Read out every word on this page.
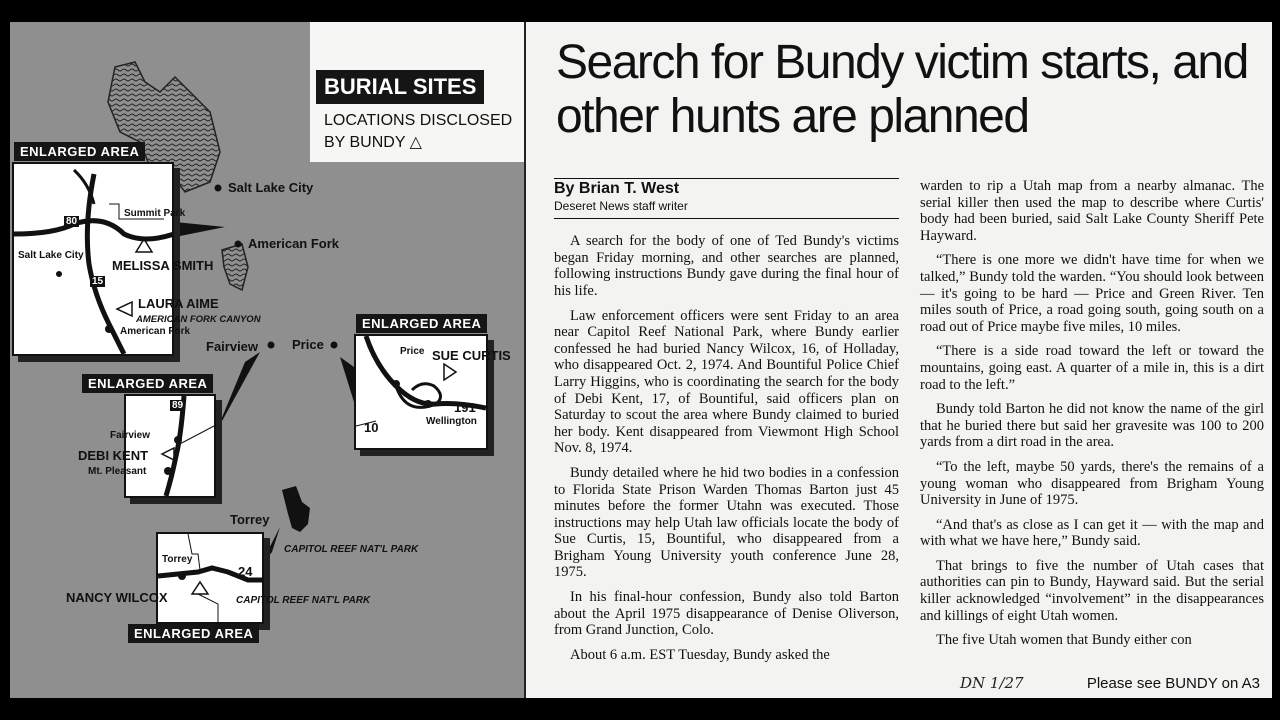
BURIAL SITES
LOCATIONS DISCLOSED
BY BUNDY △
Salt Lake City
American Fork
Fairview	Price
Torrey
CAPITOL REEF NAT'L PARK
ENLARGED AREA
80
15
Summit Park
Salt Lake City
MELISSA SMITH
LAURA AIME
AMERICAN FORK CANYON
American Fork
ENLARGED AREA
89
Fairview
DEBI KENT
Mt. Pleasant
ENLARGED AREA
Price SUE CURTIS
191
10	Wellington
Torrey
24
NANCY WILCOX	CAPITOL REEF NAT'L PARK
ENLARGED AREA
Search for Bundy victim starts, and other hunts are planned
By Brian T. West
Deseret News staff writer

A search for the body of one of Ted Bundy's victims began Friday morning, and other searches are planned, following instructions Bundy gave during the final hour of his life.

Law enforcement officers were sent Friday to an area near Capitol Reef National Park, where Bundy earlier confessed he had buried Nancy Wilcox, 16, of Holladay, who disappeared Oct. 2, 1974. And Bountiful Police Chief Larry Higgins, who is coordinating the search for the body of Debi Kent, 17, of Bountiful, said officers plan on Saturday to scout the area where Bundy claimed to buried her body. Kent disappeared from Viewmont High School Nov. 8, 1974.

Bundy detailed where he hid two bodies in a confession to Florida State Prison Warden Thomas Barton just 45 minutes before the former Utahn was executed. Those instructions may help Utah law officials locate the body of Sue Curtis, 15, Bountiful, who disappeared from a Brigham Young University youth conference June 28, 1975.

In his final-hour confession, Bundy also told Barton about the April 1975 disappearance of Denise Oliverson, from Grand Junction, Colo.

About 6 a.m. EST Tuesday, Bundy asked the

warden to rip a Utah map from a nearby almanac. The serial killer then used the map to describe where Curtis' body had been buried, said Salt Lake County Sheriff Pete Hayward.

“There is one more we didn't have time for when we talked,” Bundy told the warden. “You should look between — it's going to be hard — Price and Green River. Ten miles south of Price, a road going south, going south on a road out of Price maybe five miles, 10 miles.

“There is a side road toward the left or toward the mountains, going east. A quarter of a mile in, this is a dirt road to the left.”

Bundy told Barton he did not know the name of the girl that he buried there but said her gravesite was 100 to 200 yards from a dirt road in the area.

“To the left, maybe 50 yards, there's the remains of a young woman who disappeared from Brigham Young University in June of 1975.

“And that's as close as I can get it — with the map and with what we have here,” Bundy said.

That brings to five the number of Utah cases that authorities can pin to Bundy, Hayward said. But the serial killer acknowledged “involvement” in the disappearances and killings of eight Utah women.

The five Utah women that Bundy either con

DN 1/27	Please see BUNDY on A3
